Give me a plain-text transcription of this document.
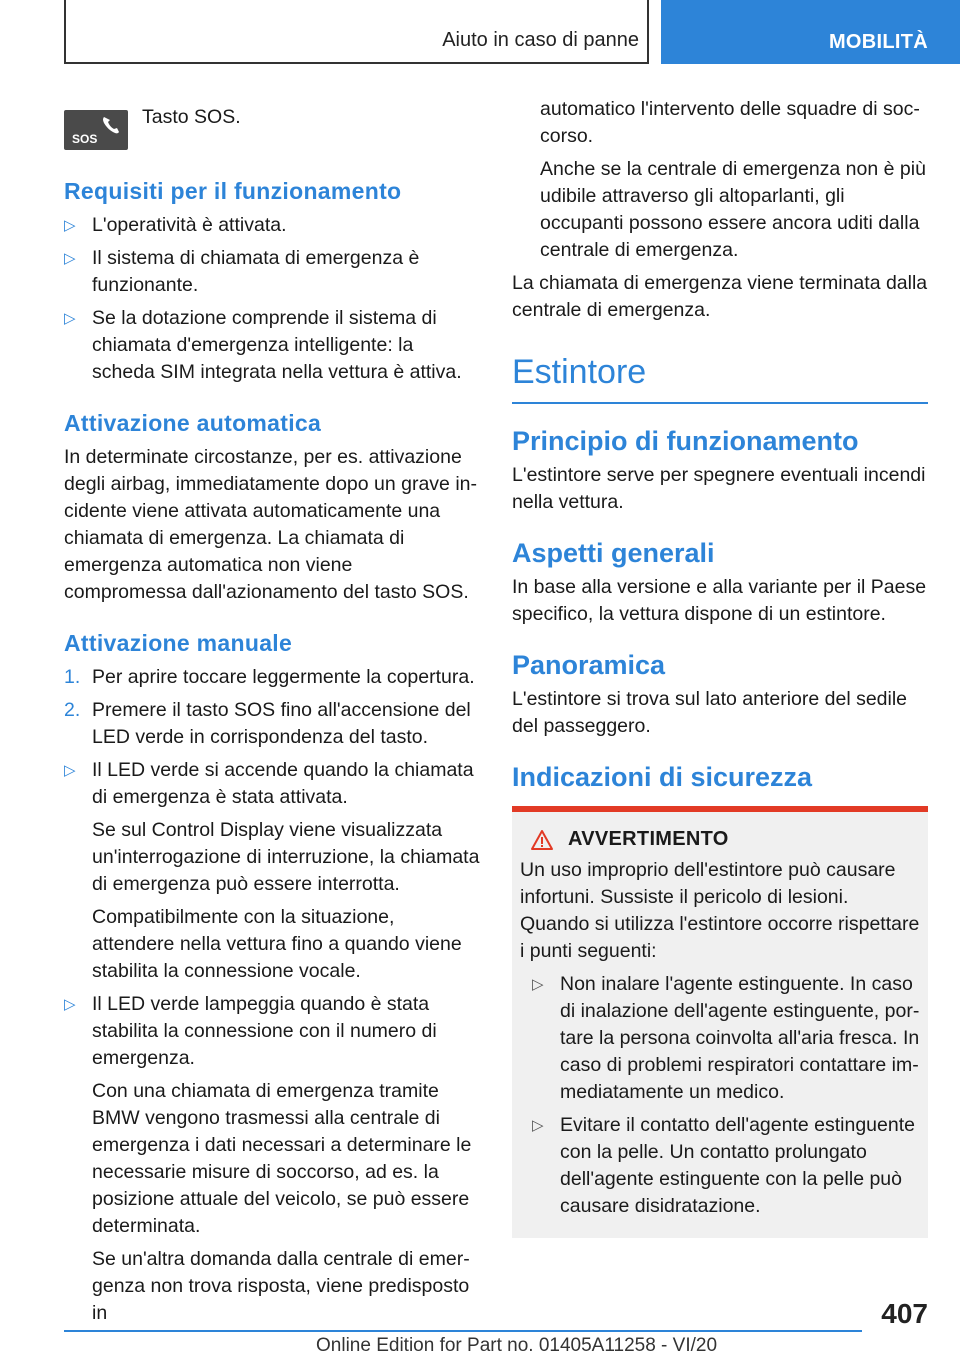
Aiuto in caso di panne	MOBILITÀ
SOS
Tasto SOS.
Requisiti per il funzionamento
▷ L'operatività è attivata.
▷ Il sistema di chiamata di emergenza è funzionante.
▷ Se la dotazione comprende il sistema di chiamata d'emergenza intelligente: la scheda SIM integrata nella vettura è attiva.
Attivazione automatica

In determinate circostanze, per es. attivazione degli airbag, immediatamente dopo un grave incidente viene attivata automaticamente una chiamata di emergenza. La chiamata di emergenza automatica non viene compromessa dall'azionamento del tasto SOS.

Attivazione manuale
1. Per aprire toccare leggermente la copertura.
2. Premere il tasto SOS fino all'accensione del LED verde in corrispondenza del tasto.
▷ Il LED verde si accende quando la chiamata di emergenza è stata attivata.

Se sul Control Display viene visualizzata un'interrogazione di interruzione, la chiamata di emergenza può essere interrotta.

Compatibilmente con la situazione, attendere nella vettura fino a quando viene stabilita la connessione vocale.

▷ Il LED verde lampeggia quando è stata stabilita la connessione con il numero di emergenza.

Con una chiamata di emergenza tramite BMW vengono trasmessi alla centrale di emergenza i dati necessari a determinare le necessarie misure di soccorso, ad es. la posizione attuale del veicolo, se può essere determinata.

Se un'altra domanda dalla centrale di emergenza non trova risposta, viene predisposto in

automatico l'intervento delle squadre di soccorso.

Anche se la centrale di emergenza non è più udibile attraverso gli altoparlanti, gli occupanti possono essere ancora uditi dalla centrale di emergenza.

La chiamata di emergenza viene terminata dalla centrale di emergenza.

Estintore
Principio di funzionamento

L'estintore serve per spegnere eventuali incendi nella vettura.

Aspetti generali

In base alla versione e alla variante per il Paese specifico, la vettura dispone di un estintore.

Panoramica

L'estintore si trova sul lato anteriore del sedile del passeggero.

Indicazioni di sicurezza
AVVERTIMENTO

Un uso improprio dell'estintore può causare infortuni. Sussiste il pericolo di lesioni. Quando si utilizza l'estintore occorre rispettare i punti seguenti:

▷ Non inalare l'agente estinguente. In caso di inalazione dell'agente estinguente, portare la persona coinvolta all'aria fresca. In caso di problemi respiratori contattare immediatamente un medico.
▷ Evitare il contatto dell'agente estinguente con la pelle. Un contatto prolungato dell'agente estinguente con la pelle può causare disidratazione.
407
Online Edition for Part no. 01405A11258 - VI/20
